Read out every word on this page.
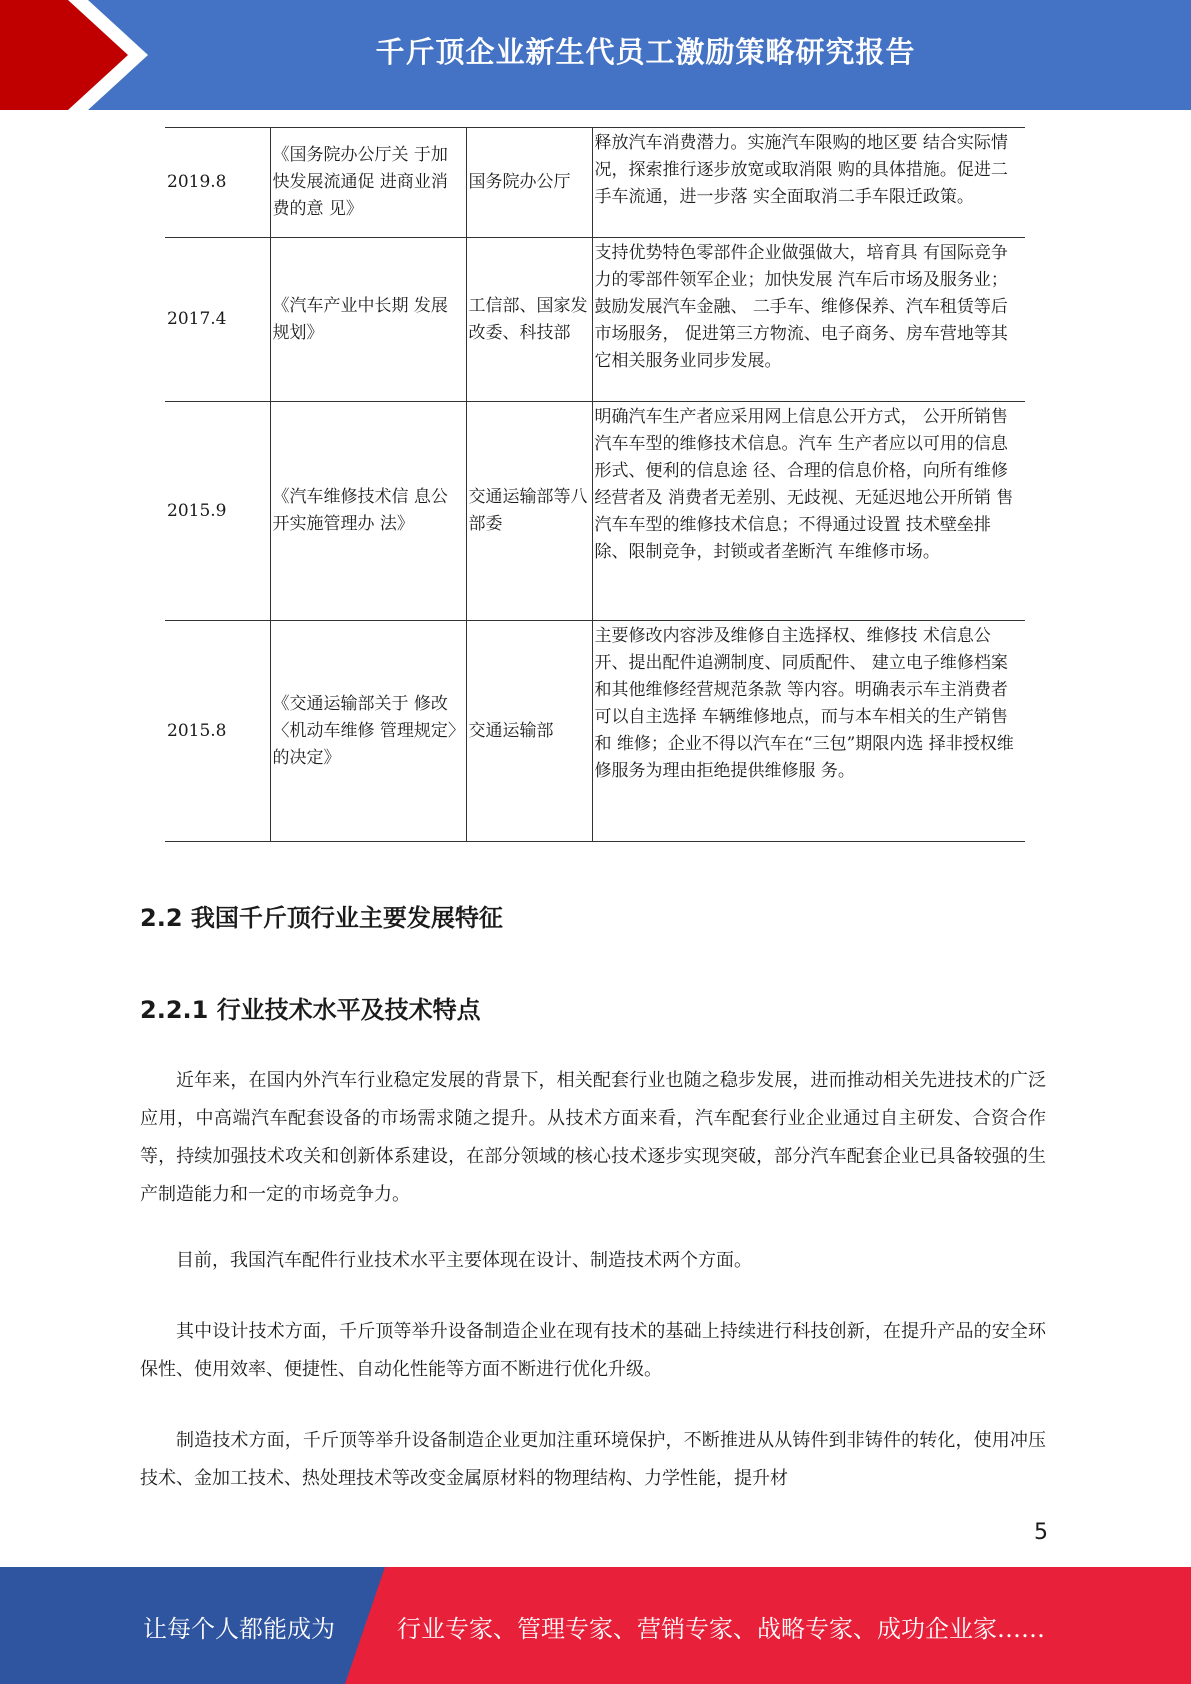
千斤顶企业新生代员工激励策略研究报告
2019.8	《国务院办公厅关 于加快发展流通促 进商业消费的意 见》	国务院办公厅	释放汽车消费潜力。实施汽车限购的地区要 结合实际情况，探索推行逐步放宽或取消限 购的具体措施。促进二手车流通，进一步落 实全面取消二手车限迁政策。
2017.4	《汽车产业中长期 发展规划》	工信部、国家发改委、科技部	支持优势特色零部件企业做强做大，培育具 有国际竞争力的零部件领军企业；加快发展 汽车后市场及服务业；鼓励发展汽车金融、 二手车、维修保养、汽车租赁等后市场服务， 促进第三方物流、电子商务、房车营地等其 它相关服务业同步发展。
2015.9	《汽车维修技术信 息公开实施管理办 法》	交通运输部等八部委	明确汽车生产者应采用网上信息公开方式， 公开所销售汽车车型的维修技术信息。汽车 生产者应以可用的信息形式、便利的信息途 径、合理的信息价格，向所有维修经营者及 消费者无差别、无歧视、无延迟地公开所销 售汽车车型的维修技术信息；不得通过设置 技术壁垒排除、限制竞争，封锁或者垄断汽 车维修市场。
2015.8	《交通运输部关于 修改〈机动车维修 管理规定〉的决定》	交通运输部	主要修改内容涉及维修自主选择权、维修技 术信息公开、提出配件追溯制度、同质配件、 建立电子维修档案和其他维修经营规范条款 等内容。明确表示车主消费者可以自主选择 车辆维修地点，而与本车相关的生产销售和 维修；企业不得以汽车在“三包”期限内选 择非授权维修服务为理由拒绝提供维修服 务。
2.2 我国千斤顶行业主要发展特征
2.2.1 行业技术水平及技术特点

近年来，在国内外汽车行业稳定发展的背景下，相关配套行业也随之稳步发展，进而推动相关先进技术的广泛应用，中高端汽车配套设备的市场需求随之提升。从技术方面来看，汽车配套行业企业通过自主研发、合资合作等，持续加强技术攻关和创新体系建设，在部分领域的核心技术逐步实现突破，部分汽车配套企业已具备较强的生产制造能力和一定的市场竞争力。

目前，我国汽车配件行业技术水平主要体现在设计、制造技术两个方面。

其中设计技术方面，千斤顶等举升设备制造企业在现有技术的基础上持续进行科技创新，在提升产品的安全环保性、使用效率、便捷性、自动化性能等方面不断进行优化升级。

制造技术方面，千斤顶等举升设备制造企业更加注重环境保护，不断推进从从铸件到非铸件的转化，使用冲压技术、金加工技术、热处理技术等改变金属原材料的物理结构、力学性能，提升材

5
让每个人都能成为	行业专家、管理专家、营销专家、战略专家、成功企业家……
